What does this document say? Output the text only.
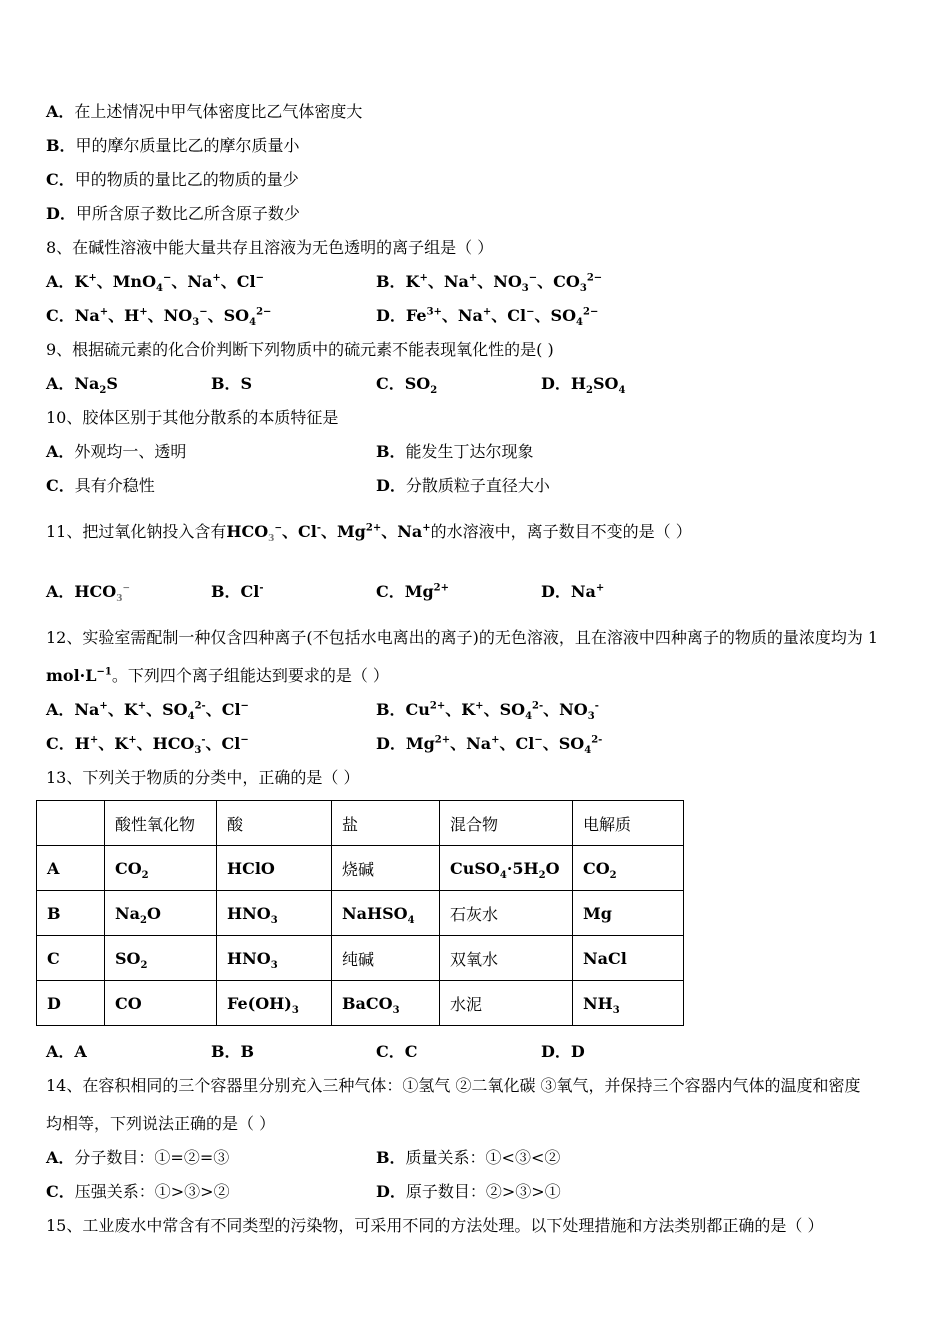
A．在上述情况中甲气体密度比乙气体密度大
B．甲的摩尔质量比乙的摩尔质量小
C．甲的物质的量比乙的物质的量少
D．甲所含原子数比乙所含原子数少
8、在碱性溶液中能大量共存且溶液为无色透明的离子组是（ ）
A．K+、MnO$_4$−、Na+、Cl−	B．K+、Na+、$NO_3^-$、$CO_3^{2-}$
C．Na+、H+、$NO_3^-$、$SO_4^{2-}$	D．$Fe^{3+}$、Na+、Cl−、$SO_4^{2-}$
9、根据硫元素的化合价判断下列物质中的硫元素不能表现氧化性的是( )
A．$Na_2S$	B．S	C．$SO_2$	D．$H_2SO_4$
10、胶体区别于其他分散系的本质特征是
A．外观均一、透明	B．能发生丁达尔现象
C．具有介稳性	D．分散质粒子直径大小
11、把过氧化钠投入含有$HCO_3^-$、Cl-、$Mg^{2+}$、Na+的水溶液中，离子数目不变的是（ ）
A．$HCO_3^-$	B．Cl-	C．$Mg^{2+}$	D．Na+
12、实验室需配制一种仅含四种离子(不包括水电离出的离子)的无色溶液，且在溶液中四种离子的物质的量浓度均为 1
$mol\cdot L^{-1}$。下列四个离子组能达到要求的是（ ）
A．Na+、K+、$SO_4^{2-}$、Cl−	B．$Cu^{2+}$、K+、$SO_4^{2-}$、$NO_3^-$
C．H+、K+、$HCO_3^-$、Cl−	D．$Mg^{2+}$、Na+、Cl−、$SO_4^{2-}$
13、下列关于物质的分类中，正确的是（ ）
	酸性氧化物	酸	盐	混合物	电解质
A	$CO_2$	HClO	烧碱	$CuSO_4\cdot 5H_2O$	$CO_2$
B	$Na_2O$	$HNO_3$	NaHSO$_4$	石灰水	Mg
C	$SO_2$	$HNO_3$	纯碱	双氧水	NaCl
D	CO	$Fe(OH)_3$	BaCO$_3$	水泥	$NH_3$
A．A	B．B	C．C	D．D
14、在容积相同的三个容器里分别充入三种气体：①氢气 ②二氧化碳 ③氧气，并保持三个容器内气体的温度和密度
均相等，下列说法正确的是（ ）
A．分子数目：①=②=③	B．质量关系：①<③<②
C．压强关系：①>③>②	D．原子数目：②>③>①
15、工业废水中常含有不同类型的污染物，可采用不同的方法处理。以下处理措施和方法类别都正确的是（ ）
